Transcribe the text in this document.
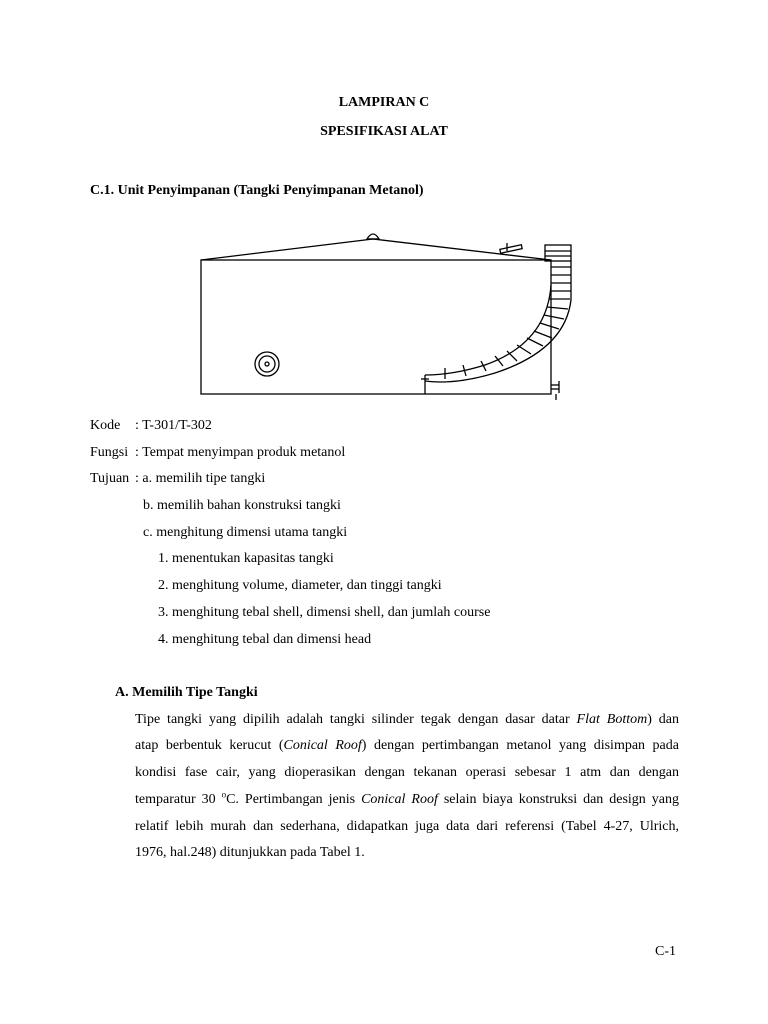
LAMPIRAN C
SPESIFIKASI ALAT
C.1. Unit Penyimpanan (Tangki Penyimpanan Metanol)
Kode : T-301/T-302
Fungsi : Tempat menyimpan produk metanol
Tujuan : a. memilih tipe tangki
b. memilih bahan konstruksi tangki
c. menghitung dimensi utama tangki
1. menentukan kapasitas tangki
2. menghitung volume, diameter, dan tinggi tangki
3. menghitung tebal shell, dimensi shell, dan jumlah course
4. menghitung tebal dan dimensi head
A. Memilih Tipe Tangki
Tipe tangki yang dipilih adalah tangki silinder tegak dengan dasar datar Flat Bottom) dan
atap berbentuk kerucut (Conical Roof) dengan pertimbangan metanol yang disimpan pada
kondisi fase cair, yang dioperasikan dengan tekanan operasi sebesar 1 atm dan dengan
temparatur 30 $^o$C. Pertimbangan jenis Conical Roof selain biaya konstruksi dan design yang
relatif lebih murah dan sederhana, didapatkan juga data dari referensi (Tabel 4-27, Ulrich,
1976, hal.248) ditunjukkan pada Tabel 1.
C-1
